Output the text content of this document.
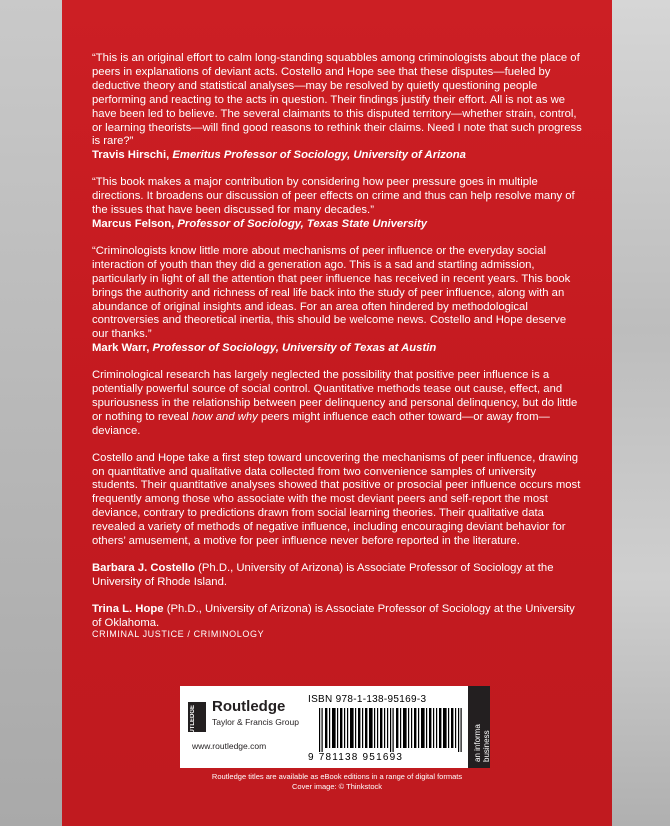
“This is an original effort to calm long-standing squabbles among criminologists about the place of peers in explanations of deviant acts. Costello and Hope see that these disputes—fueled by deductive theory and statistical analyses—may be resolved by quietly questioning people performing and reacting to the acts in question. Their findings justify their effort. All is not as we have been led to believe. The several claimants to this disputed territory—whether strain, control, or learning theorists—will find good reasons to rethink their claims. Need I note that such progress is rare?”
Travis Hirschi, Emeritus Professor of Sociology, University of Arizona

“This book makes a major contribution by considering how peer pressure goes in multiple directions. It broadens our discussion of peer effects on crime and thus can help resolve many of the issues that have been discussed for many decades.”
Marcus Felson, Professor of Sociology, Texas State University

“Criminologists know little more about mechanisms of peer influence or the everyday social interaction of youth than they did a generation ago. This is a sad and startling admission, particularly in light of all the attention that peer influence has received in recent years. This book brings the authority and richness of real life back into the study of peer influence, along with an abundance of original insights and ideas. For an area often hindered by methodological controversies and theoretical inertia, this should be welcome news. Costello and Hope deserve our thanks.”
Mark Warr, Professor of Sociology, University of Texas at Austin

Criminological research has largely neglected the possibility that positive peer influence is a potentially powerful source of social control. Quantitative methods tease out cause, effect, and spuriousness in the relationship between peer delinquency and personal delinquency, but do little or nothing to reveal how and why peers might influence each other toward—or away from—deviance.

Costello and Hope take a first step toward uncovering the mechanisms of peer influence, drawing on quantitative and qualitative data collected from two convenience samples of university students. Their quantitative analyses showed that positive or prosocial peer influence occurs most frequently among those who associate with the most deviant peers and self-report the most deviance, contrary to predictions drawn from social learning theories. Their qualitative data revealed a variety of methods of negative influence, including encouraging deviant behavior for others’ amusement, a motive for peer influence never before reported in the literature.

Barbara J. Costello (Ph.D., University of Arizona) is Associate Professor of Sociology at the University of Rhode Island.

Trina L. Hope (Ph.D., University of Arizona) is Associate Professor of Sociology at the University of Oklahoma.

CRIMINAL JUSTICE / CRIMINOLOGY
ROUTLEDGE Routledge
Taylor & Francis Group
www.routledge.com
ISBN 978-1-138-95169-3
9 781138 951693	an informa business
Routledge titles are available as eBook editions in a range of digital formats
Cover image: © Thinkstock
